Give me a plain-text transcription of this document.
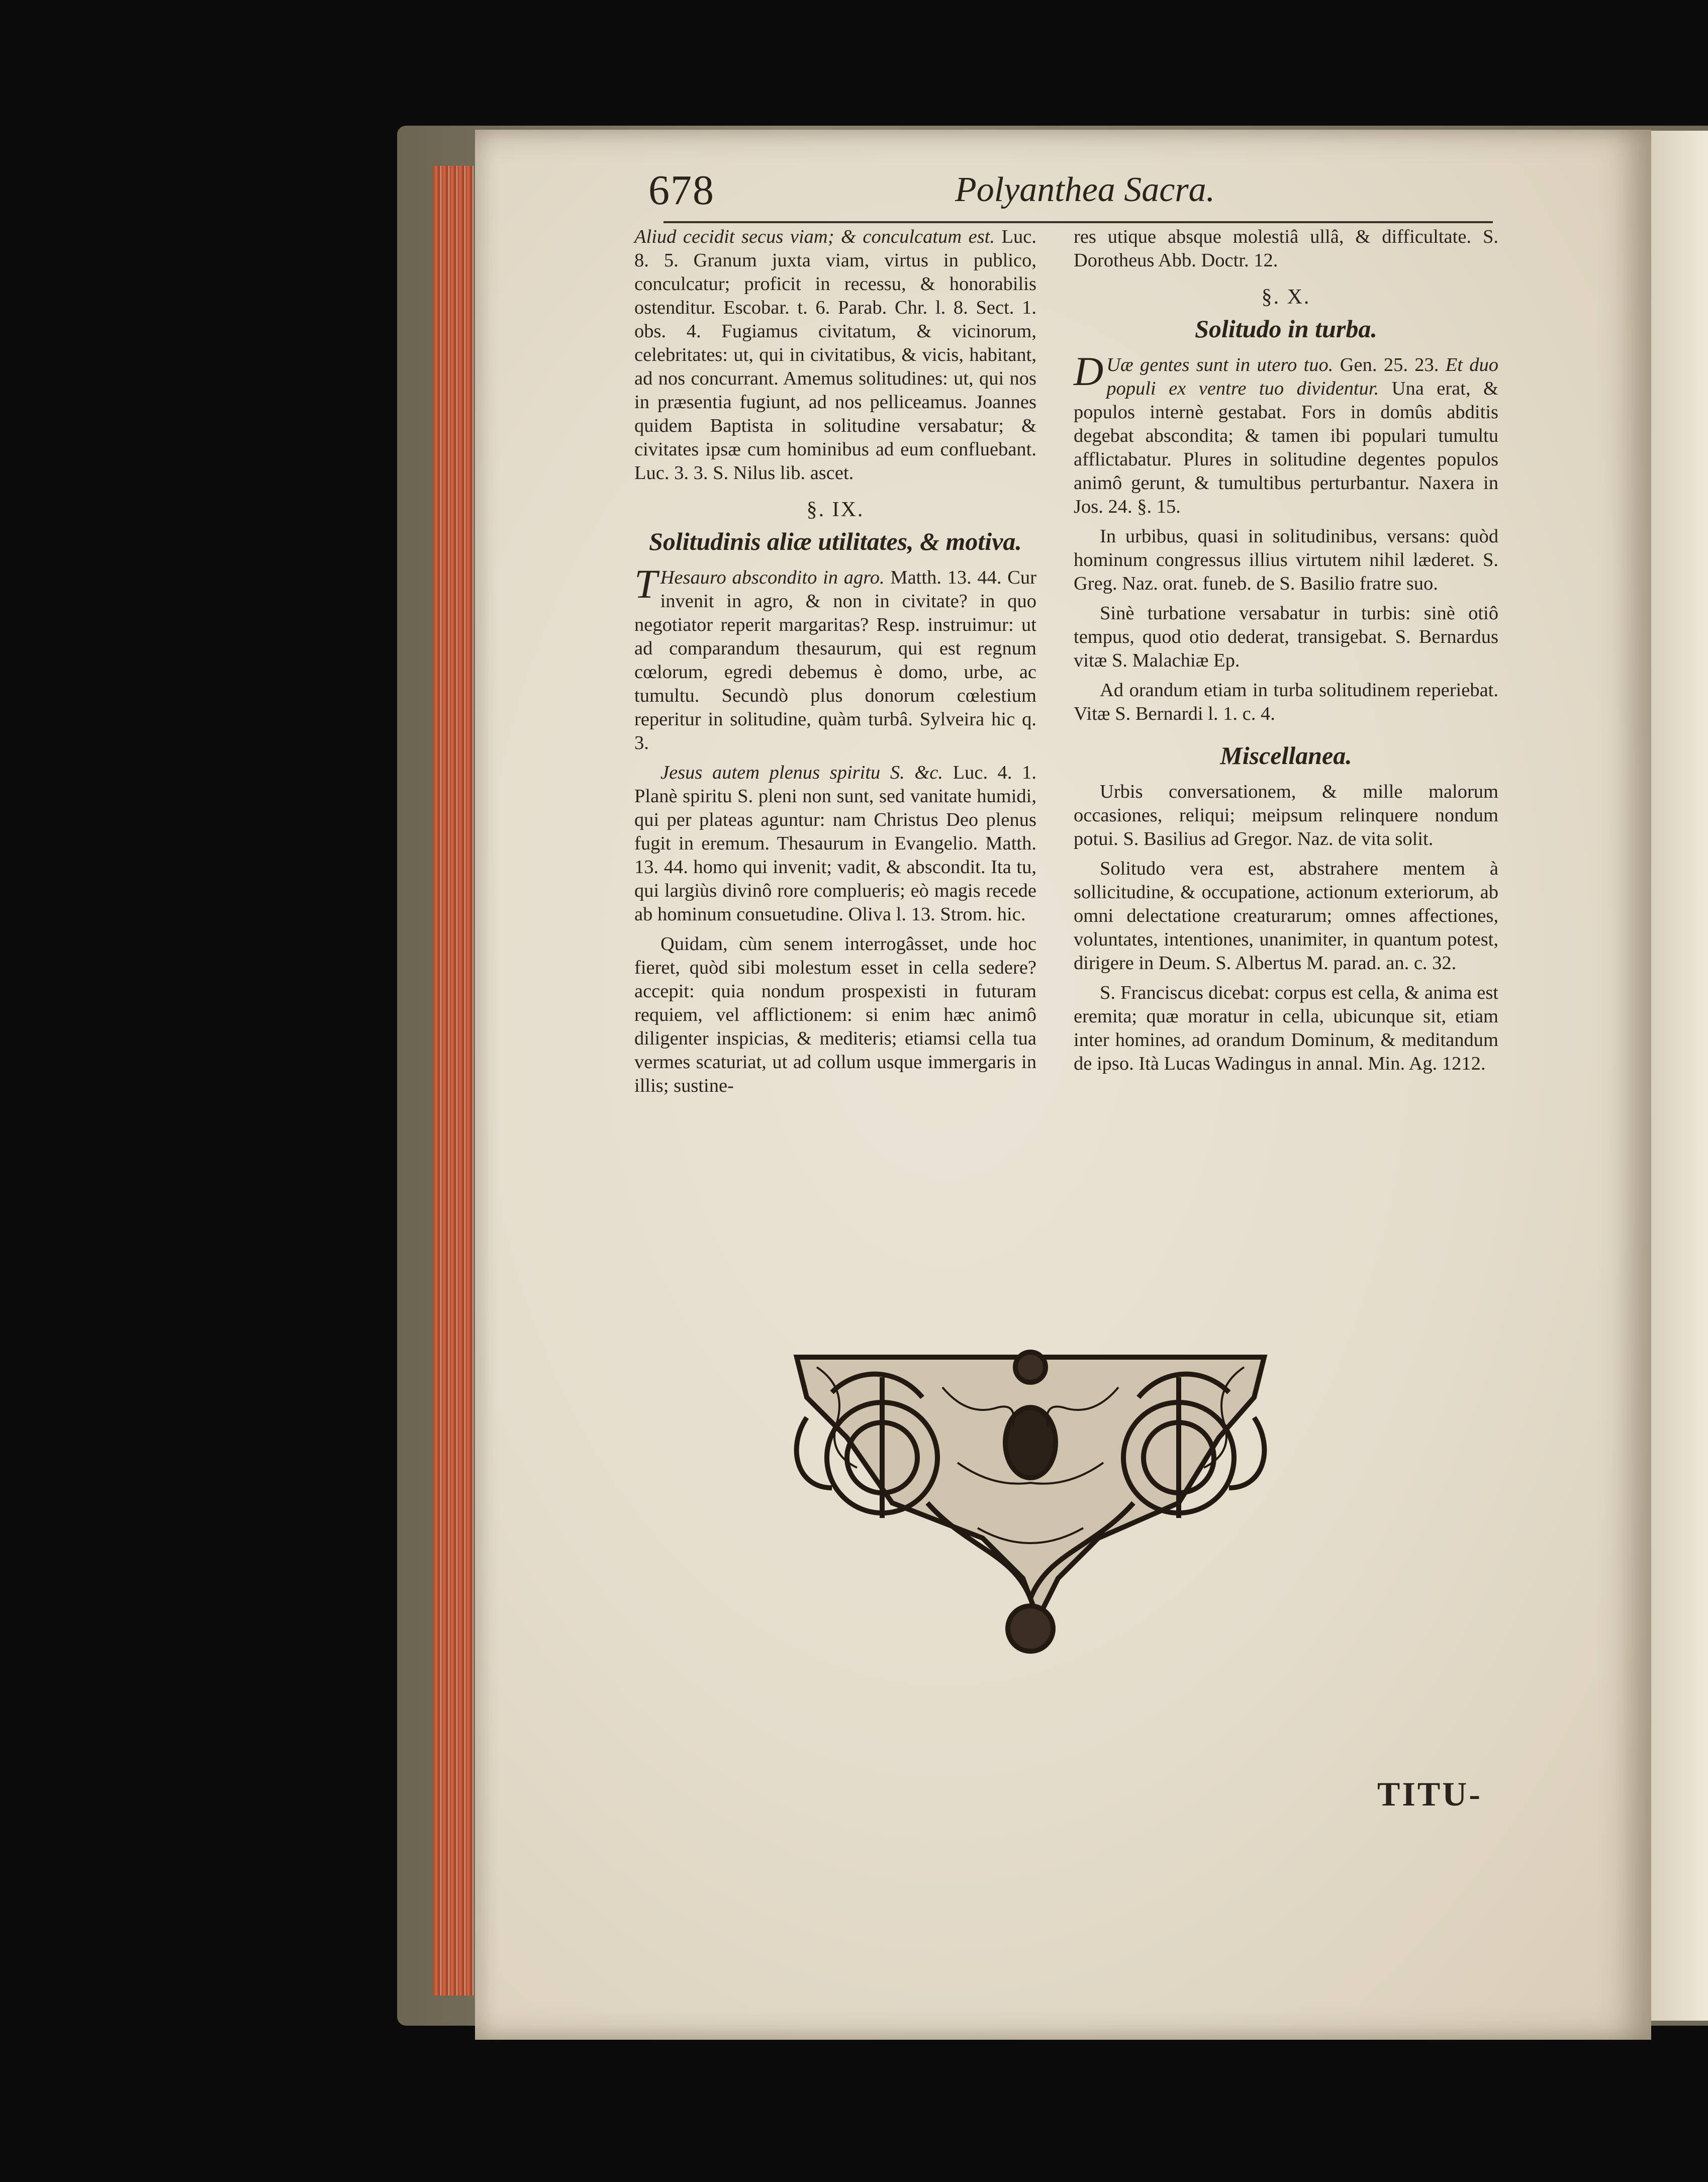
678	Polyanthea Sacra.

Aliud cecidit secus viam; & conculcatum est. Luc. 8. 5. Granum juxta viam, virtus in publico, conculcatur; proficit in recessu, & honorabilis ostenditur. Escobar. t. 6. Parab. Chr. l. 8. Sect. 1. obs. 4. Fugiamus civitatum, & vicinorum, celebritates: ut, qui in civitatibus, & vicis, habitant, ad nos concurrant. Amemus solitudines: ut, qui nos in præsentia fugiunt, ad nos pelliceamus. Joannes quidem Baptista in solitudine versabatur; & civitates ipsæ cum hominibus ad eum confluebant. Luc. 3. 3. S. Nilus lib. ascet.

§. IX.
Solitudinis aliæ utilitates, & motiva.

T Hesauro abscondito in agro. Matth. 13. 44. Cur invenit in agro, & non in civitate? in quo negotiator reperit margaritas? Resp. instruimur: ut ad comparandum thesaurum, qui est regnum cœlorum, egredi debemus è domo, urbe, ac tumultu. Secundò plus donorum cœlestium reperitur in solitudine, quàm turbâ. Sylveira hic q. 3.

Jesus autem plenus spiritu S. &c. Luc. 4. 1. Planè spiritu S. pleni non sunt, sed vanitate humidi, qui per plateas aguntur: nam Christus Deo plenus fugit in eremum. Thesaurum in Evangelio. Matth. 13. 44. homo qui invenit; vadit, & abscondit. Ita tu, qui largiùs divinô rore complueris; eò magis recede ab hominum consuetudine. Oliva l. 13. Strom. hic.

Quidam, cùm senem interrogâsset, unde hoc fieret, quòd sibi molestum esset in cella sedere? accepit: quia nondum prospexisti in futuram requiem, vel afflictionem: si enim hæc animô diligenter inspicias, & mediteris; etiamsi cella tua vermes scaturiat, ut ad collum usque immergaris in illis; sustine-

res utique absque molestiâ ullâ, & difficultate. S. Dorotheus Abb. Doctr. 12.

§. X.
Solitudo in turba.

D Uæ gentes sunt in utero tuo. Gen. 25. 23. Et duo populi ex ventre tuo dividentur. Una erat, & populos internè gestabat. Fors in domûs abditis degebat absconditа; & tamen ibi populari tumultu afflictabatur. Plures in solitudine degentes populos animô gerunt, & tumultibus perturbantur. Naxera in Jos. 24. §. 15.

In urbibus, quasi in solitudinibus, versans: quòd hominum congressus illius virtutem nihil læderet. S. Greg. Naz. orat. funeb. de S. Basilio fratre suo.

Sinè turbatione versabatur in turbis: sinè otiô tempus, quod otio dederat, transigebat. S. Bernardus vitæ S. Malachiæ Ep.

Ad orandum etiam in turba solitudinem reperiebat. Vitæ S. Bernardi l. 1. c. 4.

Miscellanea.

Urbis conversationem, & mille malorum occasiones, reliqui; meipsum relinquere nondum potui. S. Basilius ad Gregor. Naz. de vita solit.

Solitudo vera est, abstrahere mentem à sollicitudine, & occupatione, actionum exteriorum, ab omni delectatione creaturarum; omnes affectiones, voluntates, intentiones, unanimiter, in quantum potest, dirigere in Deum. S. Albertus M. parad. an. c. 32.

S. Franciscus dicebat: corpus est cella, & anima est eremita; quæ moratur in cella, ubicunque sit, etiam inter homines, ad orandum Dominum, & meditandum de ipso. Ità Lucas Wadingus in annal. Min. Ag. 1212.

TITU-
